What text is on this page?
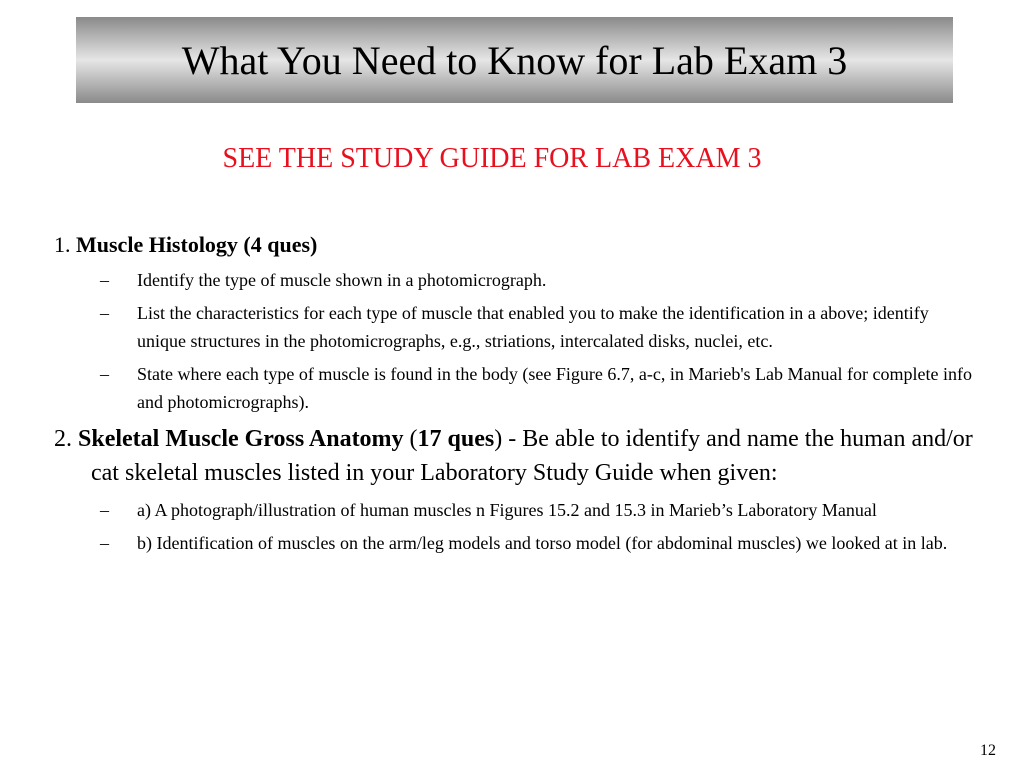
What You Need to Know for Lab Exam 3
SEE THE STUDY GUIDE FOR LAB EXAM 3

1. Muscle Histology (4 ques)

– Identify the type of muscle shown in a photomicrograph.
– List the characteristics for each type of muscle that enabled you to make the identification in a above; identify unique structures in the photomicrographs, e.g., striations, intercalated disks, nuclei, etc.
– State where each type of muscle is found in the body (see Figure 6.7, a-c, in Marieb's Lab Manual for complete info and photomicrographs).

2. Skeletal Muscle Gross Anatomy (17 ques) - Be able to identify and name the human and/or cat skeletal muscles listed in your Laboratory Study Guide when given:

– a) A photograph/illustration of human muscles n Figures 15.2 and 15.3 in Marieb’s Laboratory Manual
– b) Identification of muscles on the arm/leg models and torso model (for abdominal muscles) we looked at in lab.
12
